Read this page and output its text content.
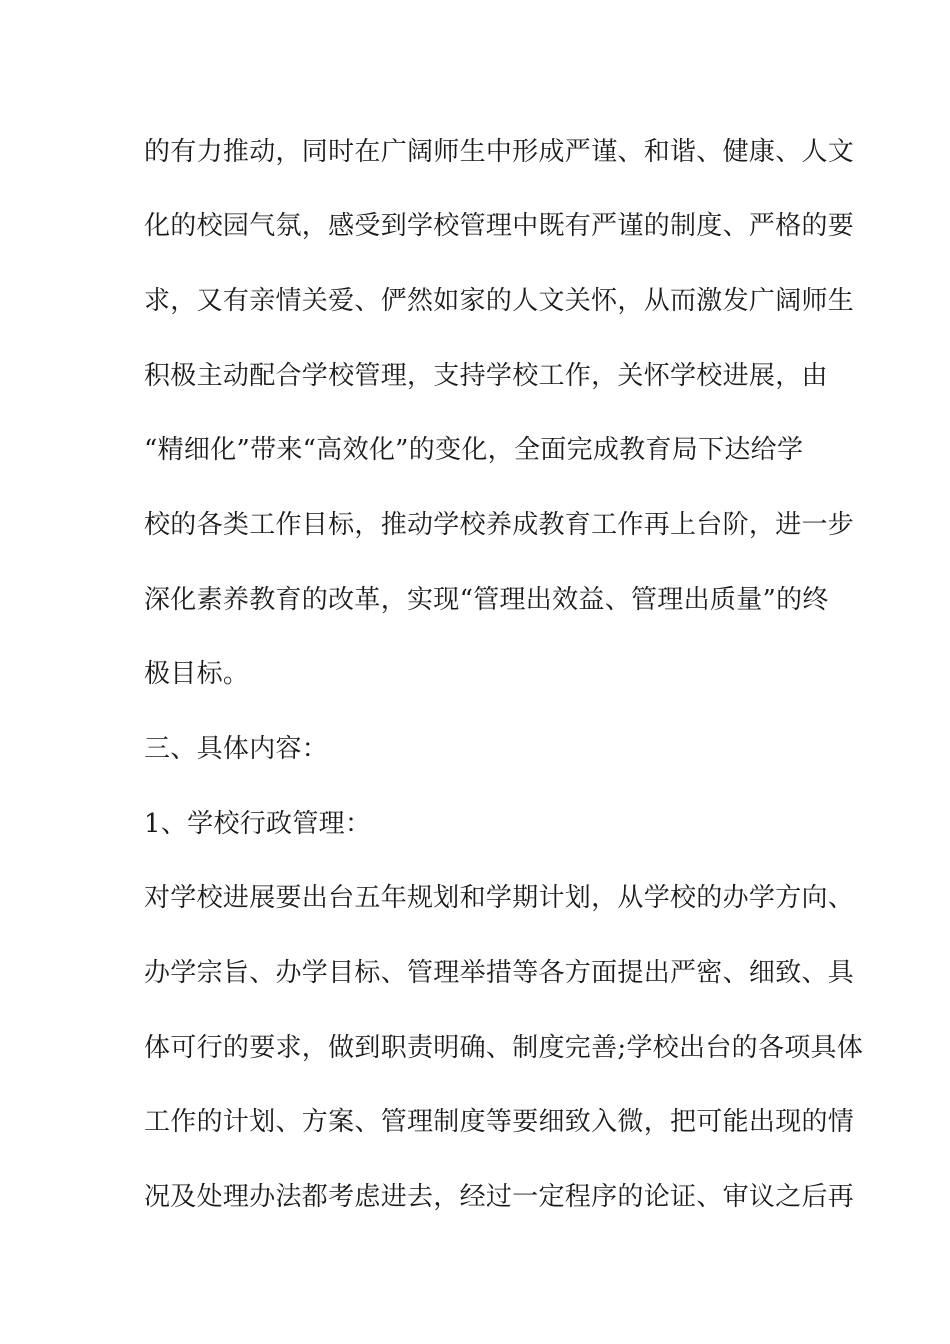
的有力推动，同时在广阔师生中形成严谨、和谐、健康、人文
化的校园气氛，感受到学校管理中既有严谨的制度、严格的要
求，又有亲情关爱、俨然如家的人文关怀，从而激发广阔师生
积极主动配合学校管理，支持学校工作，关怀学校进展，由
“精细化”带来“高效化”的变化，全面完成教育局下达给学
校的各类工作目标，推动学校养成教育工作再上台阶，进一步
深化素养教育的改革，实现“管理出效益、管理出质量”的终
极目标。
三、具体内容：
1、学校行政管理：
对学校进展要出台五年规划和学期计划，从学校的办学方向、
办学宗旨、办学目标、管理举措等各方面提出严密、细致、具
体可行的要求，做到职责明确、制度完善;学校出台的各项具体
工作的计划、方案、管理制度等要细致入微，把可能出现的情
况及处理办法都考虑进去，经过一定程序的论证、审议之后再
